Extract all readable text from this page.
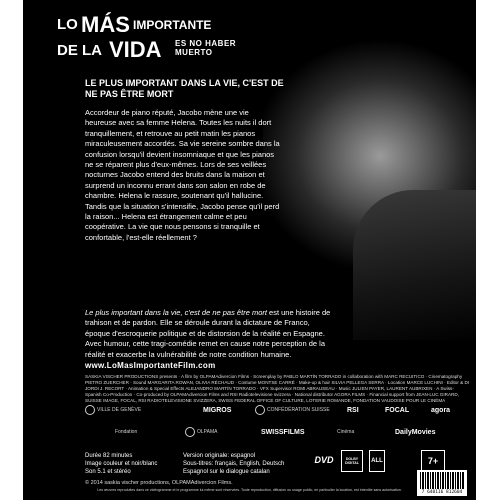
LO MÁS IMPORTANTE
DE LA VIDA ES NO HABER
MUERTO
LE PLUS IMPORTANT DANS LA VIE, C'EST DE NE PAS ÊTRE MORT
Accordeur de piano réputé, Jacobo mène une vie heureuse avec sa femme Helena. Toutes les nuits il dort tranquillement, et retrouve au petit matin les pianos miraculeusement accordés. Sa vie sereine sombre dans la confusion lorsqu'il devient insomniaque et que les pianos ne se réparent plus d'eux-mêmes. Lors de ses veillées nocturnes Jacobo entend des bruits dans la maison et surprend un inconnu errant dans son salon en robe de chambre. Helena le rassure, soutenant qu'il hallucine. Tandis que la situation s'intensifie, Jacobo pense qu'il perd la raison... Helena est étrangement calme et peu coopérative. La vie que nous pensons si tranquille et confortable, l'est-elle réellement ?
Le plus important dans la vie, c'est de ne pas être mort est une histoire de trahison et de pardon. Elle se déroule durant la dictature de Franco, époque d'escroquerie politique et de distorsion de la réalité en Espagne. Avec humour, cette tragi-comédie remet en cause notre perception de la réalité et exacerbe la vulnérabilité de notre condition humaine.
www.LoMasImportanteFilm.com
SASKIA VISCHER PRODUCTIONS presents · A film by OLPAMAdivercion Films · Screenplay by PABLO MARTÍN TORRADO in collaboration with MARC RECUITICO · Cinematography PIETRO ZUERCHER · Sound MARGARITA ROWAN, OLIVIA RÉCHAUD · Costume MONTSE CARRÉ · Make-up & hair SILVIA PELLEGA SERRA · Location MARCE LUCHINI · Editor & DI JORDI J. RECORT · Animation & Special Effects ALEJANDRO MARTÍN TORRADO · VFX Supervisor ROMI ABRAUSEAU · Music JULIEN PAYER, LAURENT AUBRIXEN · A Swiss-Spanish Co-Production · Co-produced by OLPAMAdivercion Films and RSI Radiotelevisione svizzera · National distributor AGORA FILMS · Financial support from JEAN-LUC GIRARD, SUISSE IMAGE, FOCAL, RSI RADIOTELEVISIONE SVIZZERA, SWISS FEDERAL OFFICE OF CULTURE, LOTERIE ROMANDE, FONDATION VAUDOISE POUR LE CINÉMA
VILLE DE GENÈVE	MIGROS	CONFÉDÉRATION SUISSE RSI	FOCAL	agora
Fondation	OLPAMA	SWISSFILMS	Cinéma	DailyMovies
Durée 82 minutes
Image couleur et noir/blanc
Son 5.1 et stéréo
Version originale: espagnol
Sous-titres: français, English, Deutsch
Espagnol sur le dialogue catalan
DVD	DOLBY DIGITAL	ALL	7+
© 2014 saskia vischer productions, OLPAMAdivercion Films.
7 640116 812604
Les œuvres reproduites dans ce vidéogramme et le programme lui-même sont réservées. Toute reproduction, diffusion ou usage public, en particulier la location, est interdite sans autorisation.
